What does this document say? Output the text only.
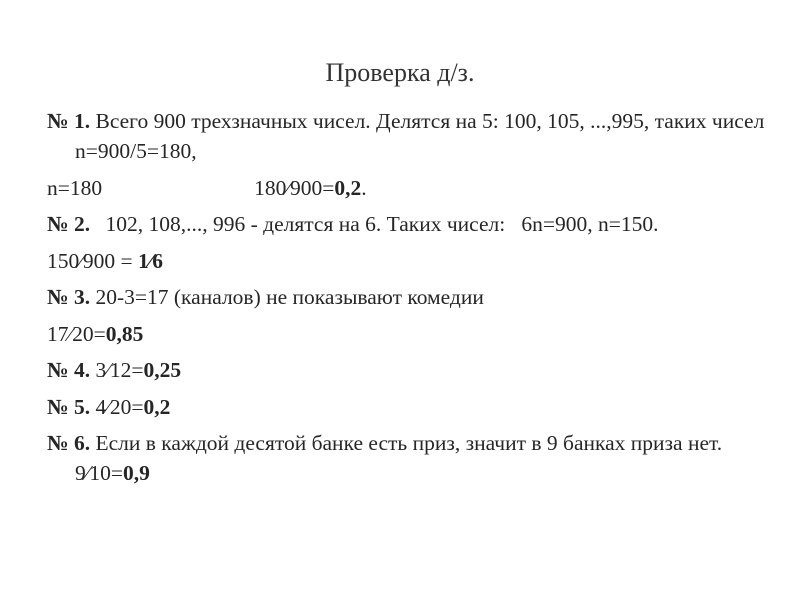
Проверка д/з.

№ 1. Всего 900 трехзначных чисел. Делятся на 5: 100, 105, ...,995, таких чисел n=900/5=180,

n=180	180⁄900=0,2.

№ 2. 102, 108,..., 996 - делятся на 6. Таких чисел:   6n=900, n=150.

150⁄900 = 1⁄6

№ 3. 20-3=17 (каналов) не показывают комедии

17⁄20=0,85

№ 4. 3⁄12=0,25

№ 5. 4⁄20=0,2

№ 6. Если в каждой десятой банке есть приз, значит в 9 банках приза нет. 9⁄10=0,9
